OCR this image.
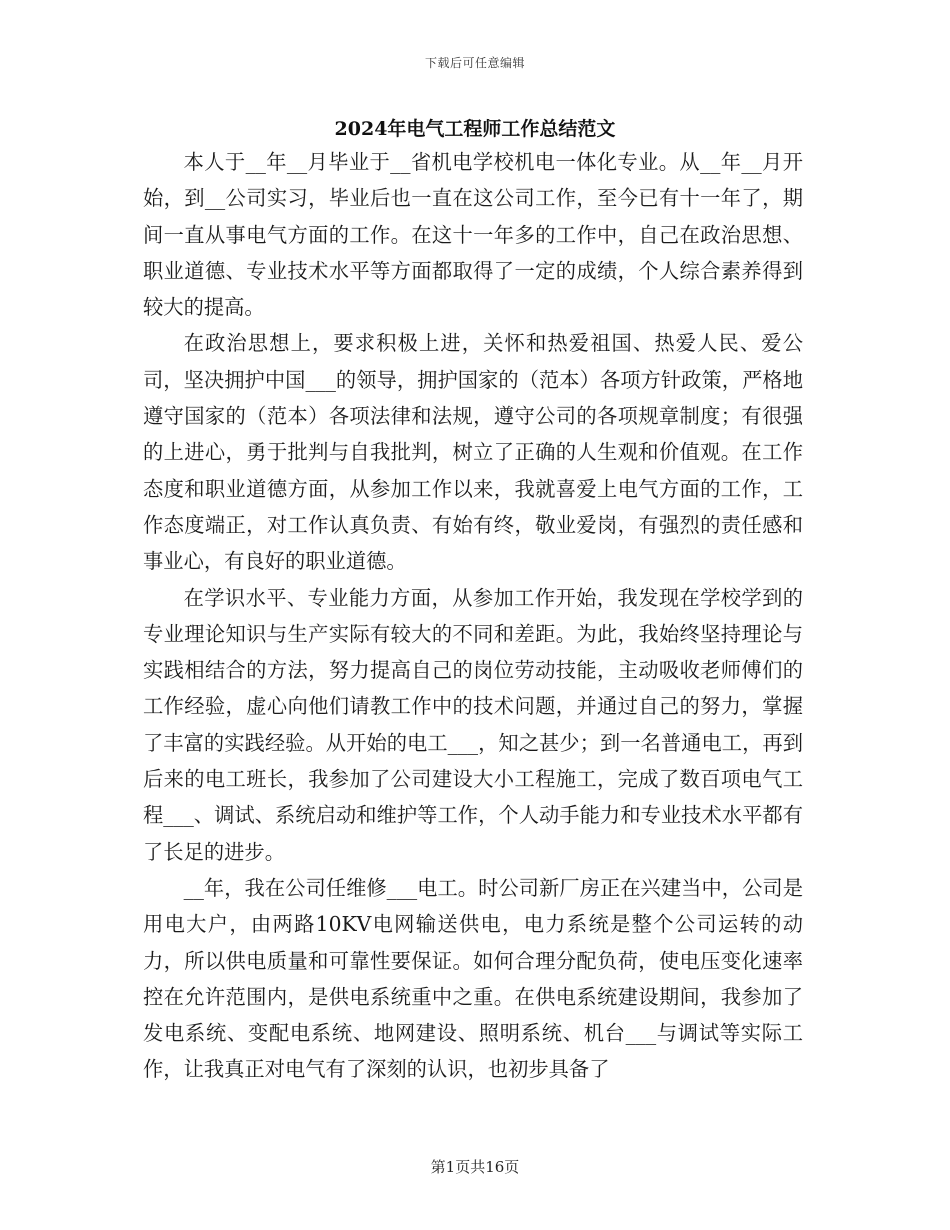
下载后可任意编辑
2024年电气工程师工作总结范文

本人于__年__月毕业于__省机电学校机电一体化专业。从__年__月开始，到__公司实习，毕业后也一直在这公司工作，至今已有十一年了，期间一直从事电气方面的工作。在这十一年多的工作中，自己在政治思想、职业道德、专业技术水平等方面都取得了一定的成绩，个人综合素养得到较大的提高。

在政治思想上，要求积极上进，关怀和热爱祖国、热爱人民、爱公司，坚决拥护中国___的领导，拥护国家的（范本）各项方针政策，严格地遵守国家的（范本）各项法律和法规，遵守公司的各项规章制度；有很强的上进心，勇于批判与自我批判，树立了正确的人生观和价值观。在工作态度和职业道德方面，从参加工作以来，我就喜爱上电气方面的工作，工作态度端正，对工作认真负责、有始有终，敬业爱岗，有强烈的责任感和事业心，有良好的职业道德。

在学识水平、专业能力方面，从参加工作开始，我发现在学校学到的专业理论知识与生产实际有较大的不同和差距。为此，我始终坚持理论与实践相结合的方法，努力提高自己的岗位劳动技能，主动吸收老师傅们的工作经验，虚心向他们请教工作中的技术问题，并通过自己的努力，掌握了丰富的实践经验。从开始的电工___，知之甚少；到一名普通电工，再到后来的电工班长，我参加了公司建设大小工程施工，完成了数百项电气工程___、调试、系统启动和维护等工作，个人动手能力和专业技术水平都有了长足的进步。

__年，我在公司任维修___电工。时公司新厂房正在兴建当中，公司是用电大户，由两路10KV电网输送供电，电力系统是整个公司运转的动力，所以供电质量和可靠性要保证。如何合理分配负荷，使电压变化速率控在允许范围内，是供电系统重中之重。在供电系统建设期间，我参加了发电系统、变配电系统、地网建设、照明系统、机台___与调试等实际工作，让我真正对电气有了深刻的认识，也初步具备了

第1页共16页
